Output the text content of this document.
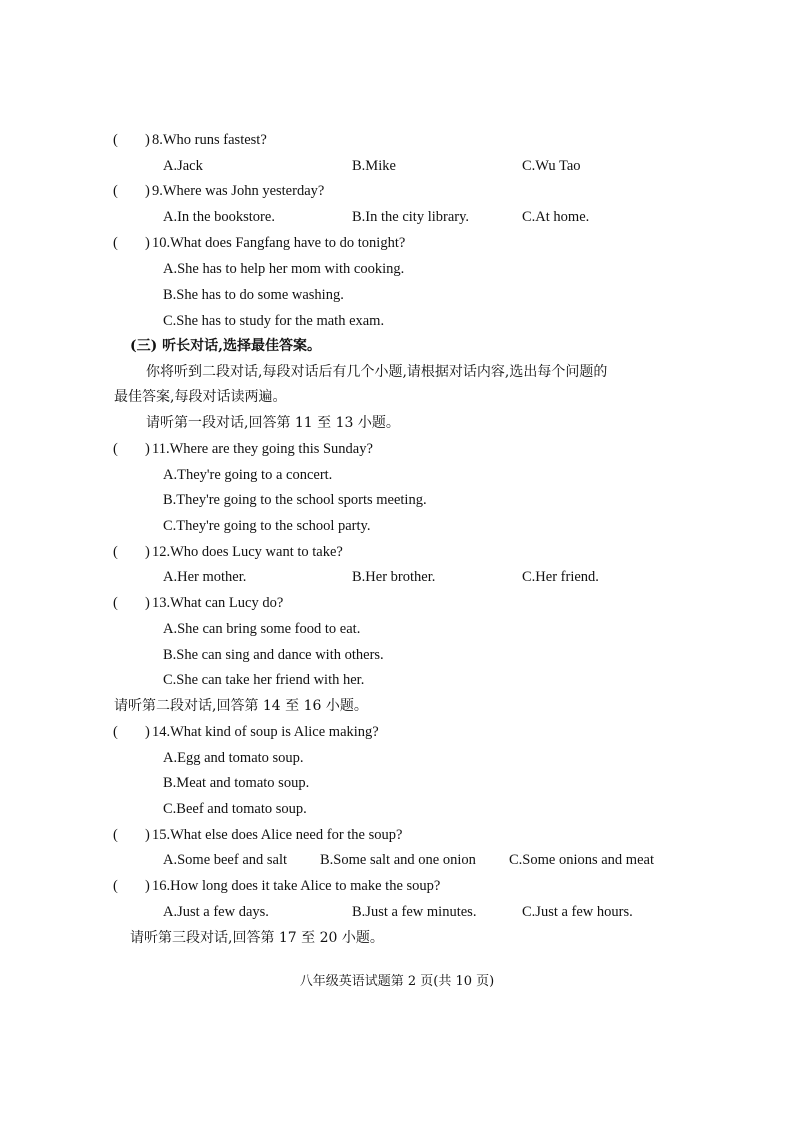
( ) 8.Who runs fastest?
A.Jack	B.Mike	C.Wu Tao
( ) 9.Where was John yesterday?
A.In the bookstore.	B.In the city library.	C.At home.
( ) 10.What does Fangfang have to do tonight?
A.She has to help her mom with cooking.
B.She has to do some washing.
C.She has to study for the math exam.
(三) 听长对话,选择最佳答案。
你将听到二段对话,每段对话后有几个小题,请根据对话内容,选出每个问题的
最佳答案,每段对话读两遍。
请听第一段对话,回答第 11 至 13 小题。
( ) 11.Where are they going this Sunday?
A.They're going to a concert.
B.They're going to the school sports meeting.
C.They're going to the school party.
( ) 12.Who does Lucy want to take?
A.Her mother.	B.Her brother.	C.Her friend.
( ) 13.What can Lucy do?
A.She can bring some food to eat.
B.She can sing and dance with others.
C.She can take her friend with her.
请听第二段对话,回答第 14 至 16 小题。
( ) 14.What kind of soup is Alice making?
A.Egg and tomato soup.
B.Meat and tomato soup.
C.Beef and tomato soup.
( ) 15.What else does Alice need for the soup?
A.Some beef and salt B.Some salt and one onion C.Some onions and meat
( ) 16.How long does it take Alice to make the soup?
A.Just a few days.	B.Just a few minutes.	C.Just a few hours.
请听第三段对话,回答第 17 至 20 小题。
八年级英语试题第 2 页(共 10 页)
